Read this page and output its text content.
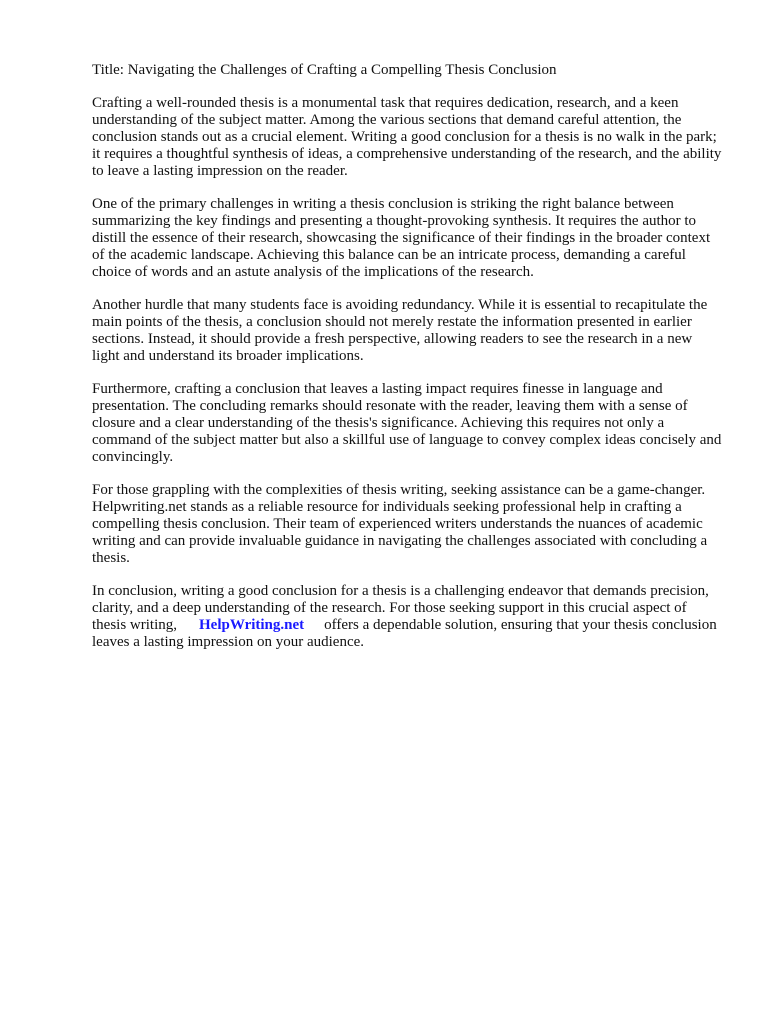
Title: Navigating the Challenges of Crafting a Compelling Thesis Conclusion

Crafting a well-rounded thesis is a monumental task that requires dedication, research, and a keen understanding of the subject matter. Among the various sections that demand careful attention, the conclusion stands out as a crucial element. Writing a good conclusion for a thesis is no walk in the park; it requires a thoughtful synthesis of ideas, a comprehensive understanding of the research, and the ability to leave a lasting impression on the reader.

One of the primary challenges in writing a thesis conclusion is striking the right balance between summarizing the key findings and presenting a thought-provoking synthesis. It requires the author to distill the essence of their research, showcasing the significance of their findings in the broader context of the academic landscape. Achieving this balance can be an intricate process, demanding a careful choice of words and an astute analysis of the implications of the research.

Another hurdle that many students face is avoiding redundancy. While it is essential to recapitulate the main points of the thesis, a conclusion should not merely restate the information presented in earlier sections. Instead, it should provide a fresh perspective, allowing readers to see the research in a new light and understand its broader implications.

Furthermore, crafting a conclusion that leaves a lasting impact requires finesse in language and presentation. The concluding remarks should resonate with the reader, leaving them with a sense of closure and a clear understanding of the thesis's significance. Achieving this requires not only a command of the subject matter but also a skillful use of language to convey complex ideas concisely and convincingly.

For those grappling with the complexities of thesis writing, seeking assistance can be a game-changer. Helpwriting.net stands as a reliable resource for individuals seeking professional help in crafting a compelling thesis conclusion. Their team of experienced writers understands the nuances of academic writing and can provide invaluable guidance in navigating the challenges associated with concluding a thesis.

In conclusion, writing a good conclusion for a thesis is a challenging endeavor that demands precision, clarity, and a deep understanding of the research. For those seeking support in this crucial aspect of thesis writing, HelpWriting.net offers a dependable solution, ensuring that your thesis conclusion leaves a lasting impression on your audience.
